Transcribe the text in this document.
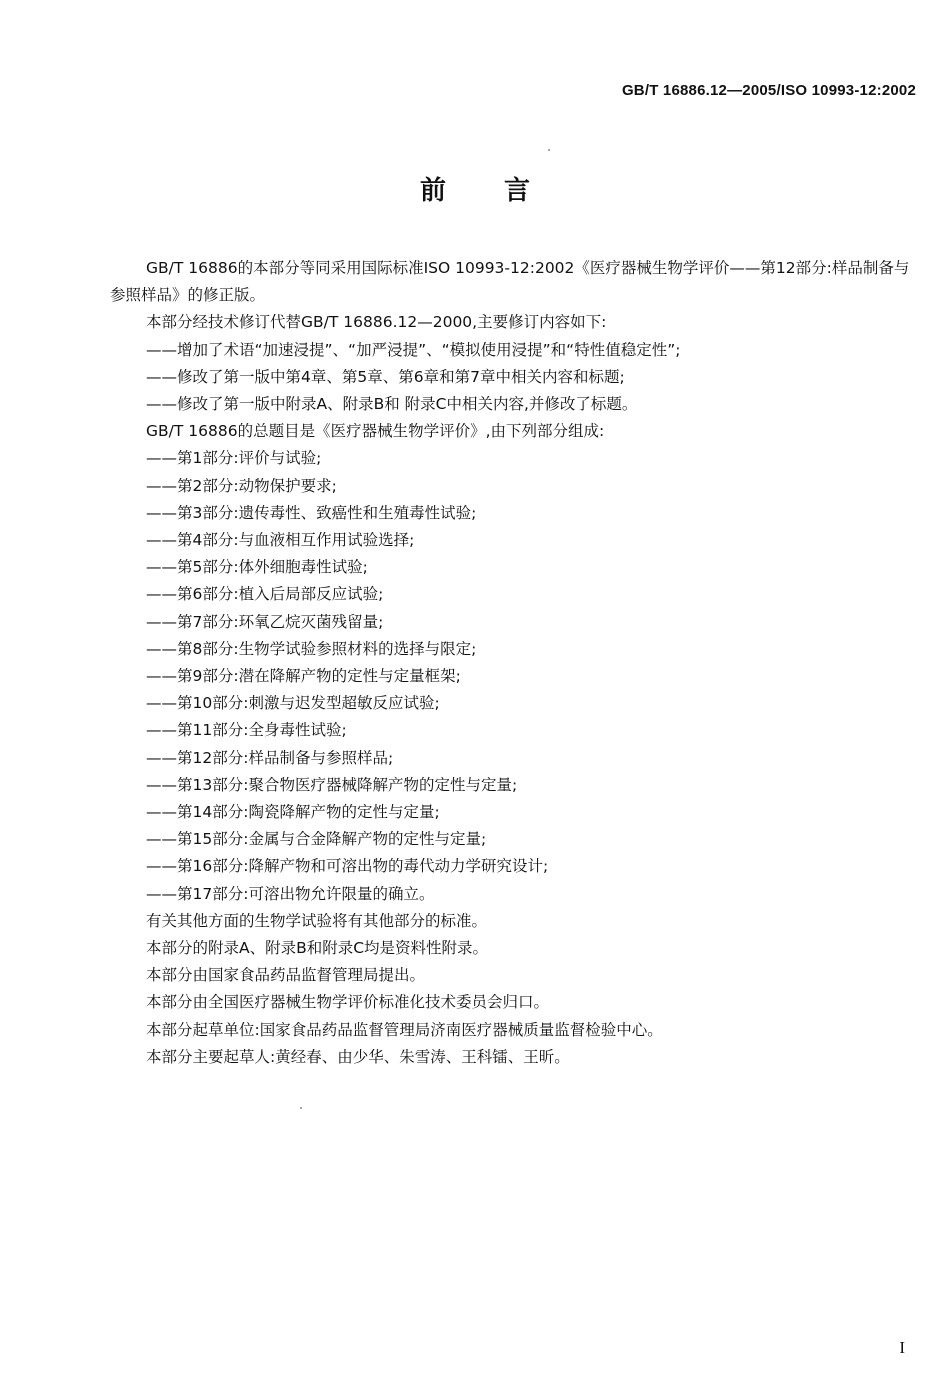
GB/T 16886.12—2005/ISO 10993-12:2002
前言

GB/T 16886的本部分等同采用国际标准ISO 10993-12:2002《医疗器械生物学评价——第12部分:样品制备与参照样品》的修正版。

本部分经技术修订代替GB/T 16886.12—2000,主要修订内容如下:

——增加了术语“加速浸提”、“加严浸提”、“模拟使用浸提”和“特性值稳定性”;

——修改了第一版中第4章、第5章、第6章和第7章中相关内容和标题;

——修改了第一版中附录A、附录B和 附录C中相关内容,并修改了标题。

GB/T 16886的总题目是《医疗器械生物学评价》,由下列部分组成:

——第1部分:评价与试验;

——第2部分:动物保护要求;

——第3部分:遗传毒性、致癌性和生殖毒性试验;

——第4部分:与血液相互作用试验选择;

——第5部分:体外细胞毒性试验;

——第6部分:植入后局部反应试验;

——第7部分:环氧乙烷灭菌残留量;

——第8部分:生物学试验参照材料的选择与限定;

——第9部分:潜在降解产物的定性与定量框架;

——第10部分:刺激与迟发型超敏反应试验;

——第11部分:全身毒性试验;

——第12部分:样品制备与参照样品;

——第13部分:聚合物医疗器械降解产物的定性与定量;

——第14部分:陶瓷降解产物的定性与定量;

——第15部分:金属与合金降解产物的定性与定量;

——第16部分:降解产物和可溶出物的毒代动力学研究设计;

——第17部分:可溶出物允许限量的确立。

有关其他方面的生物学试验将有其他部分的标准。

本部分的附录A、附录B和附录C均是资料性附录。

本部分由国家食品药品监督管理局提出。

本部分由全国医疗器械生物学评价标准化技术委员会归口。

本部分起草单位:国家食品药品监督管理局济南医疗器械质量监督检验中心。

本部分主要起草人:黄经春、由少华、朱雪涛、王科镭、王昕。

I
